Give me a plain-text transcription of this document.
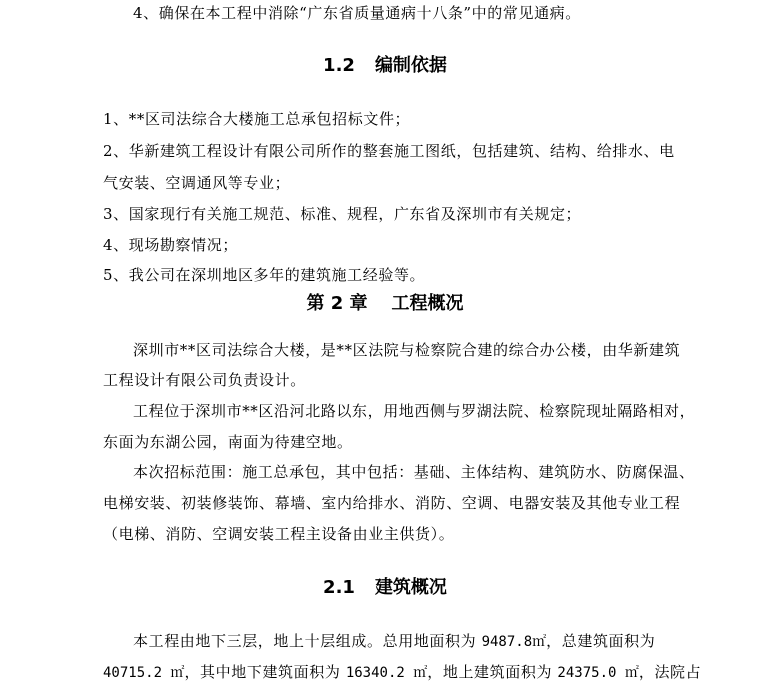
4、确保在本工程中消除“广东省质量通病十八条”中的常见通病。
1.2 编制依据
1、**区司法综合大楼施工总承包招标文件；
2、华新建筑工程设计有限公司所作的整套施工图纸，包括建筑、结构、给排水、电
气安装、空调通风等专业；
3、国家现行有关施工规范、标准、规程，广东省及深圳市有关规定；
4、现场勘察情况；
5、我公司在深圳地区多年的建筑施工经验等。
第 2 章 工程概况
深圳市**区司法综合大楼，是**区法院与检察院合建的综合办公楼，由华新建筑
工程设计有限公司负责设计。
工程位于深圳市**区沿河北路以东，用地西侧与罗湖法院、检察院现址隔路相对，
东面为东湖公园，南面为待建空地。
本次招标范围：施工总承包，其中包括：基础、主体结构、建筑防水、防腐保温、
电梯安装、初装修装饰、幕墙、室内给排水、消防、空调、电器安装及其他专业工程
（电梯、消防、空调安装工程主设备由业主供货）。
2.1 建筑概况
本工程由地下三层，地上十层组成。总用地面积为 9487.8㎡，总建筑面积为
40715.2 ㎡，其中地下建筑面积为 16340.2 ㎡，地上建筑面积为 24375.0 ㎡，法院占
